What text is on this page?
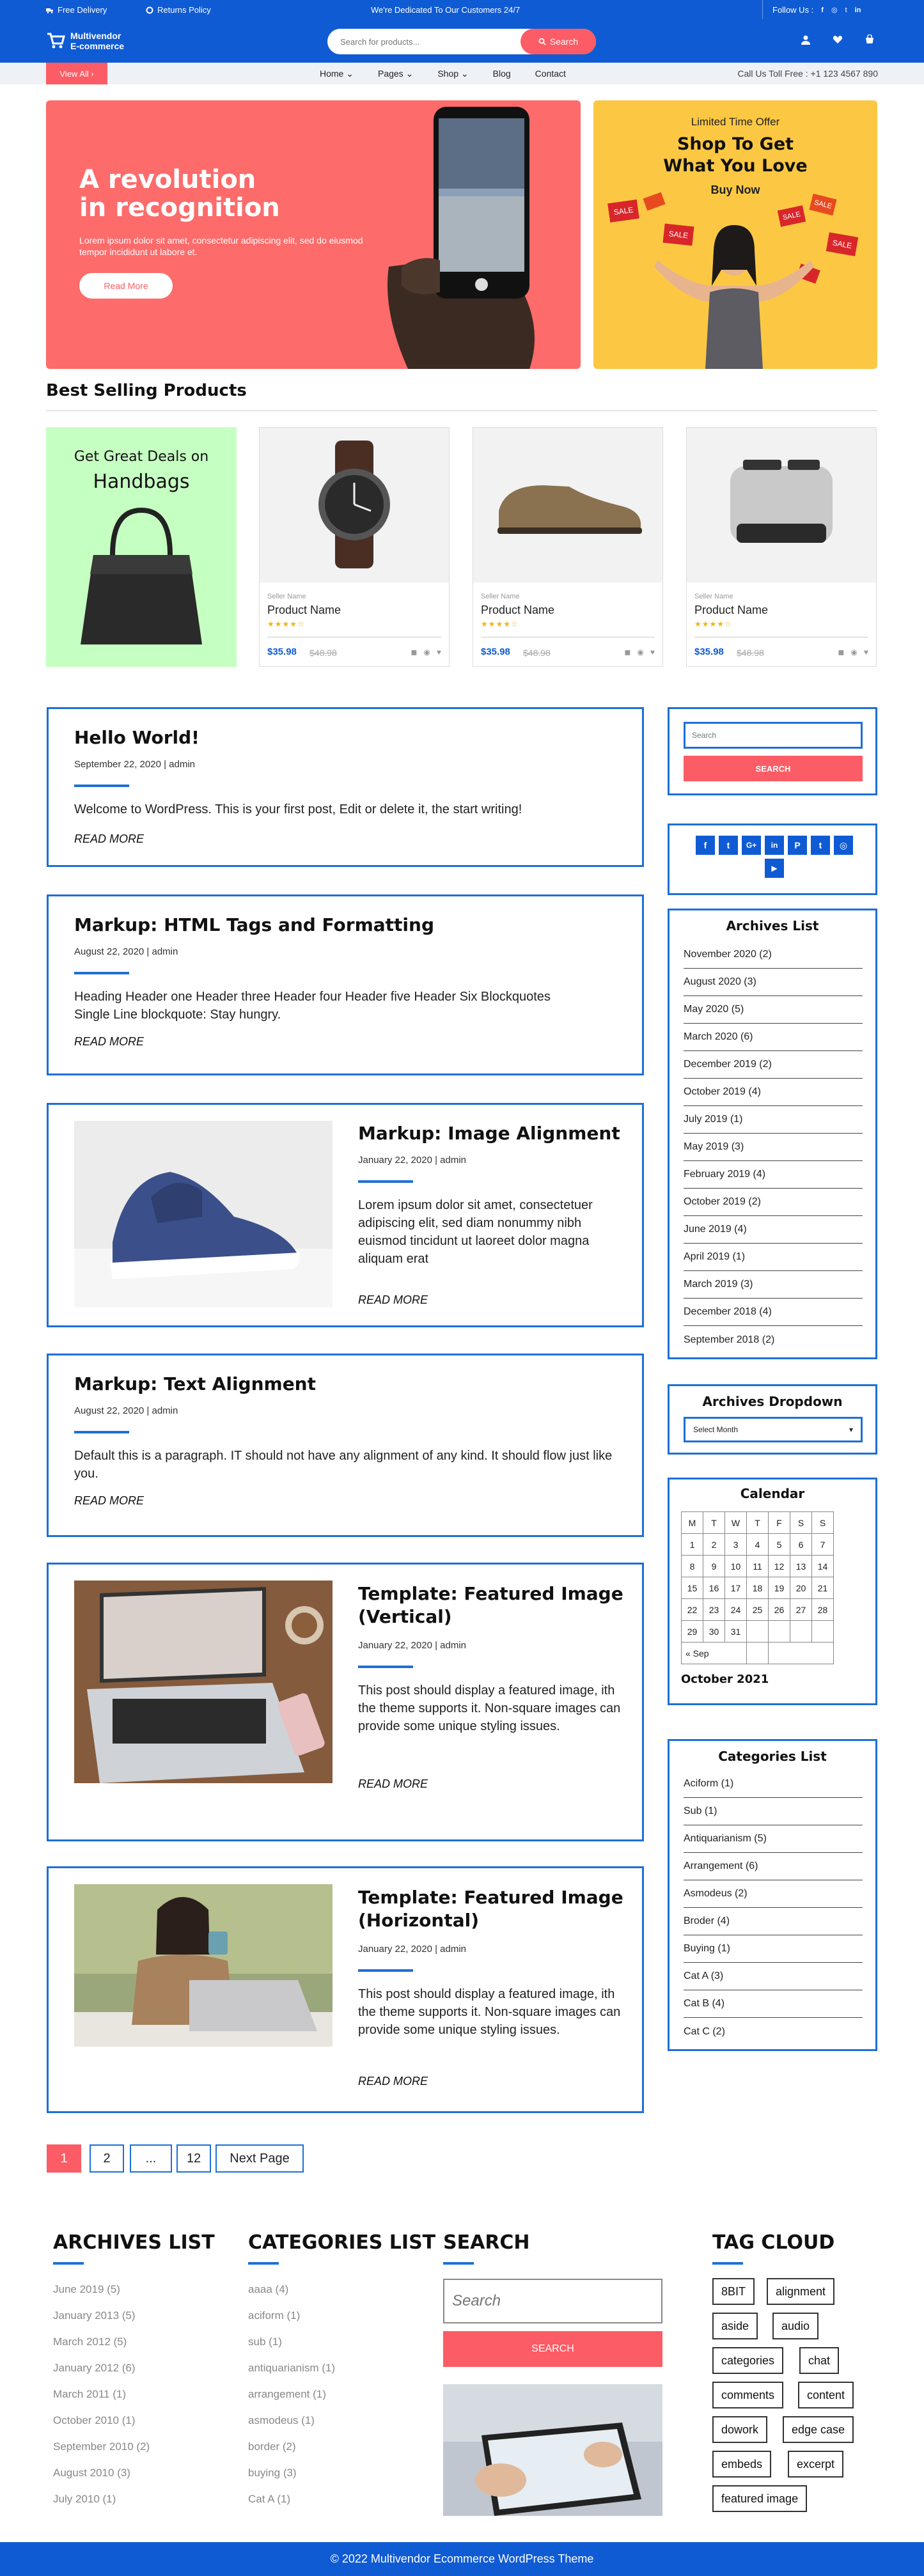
Free Delivery	Returns Policy	We're Dedicated To Our Customers 24/7	Follow Us : f ◎ t in
Multivendor
E-commerce
Search for products...	Search
View All ›	Home ⌄	Pages ⌄	Shop ⌄	Blog	Contact	Call Us Toll Free : +1 123 4567 890
A revolution
in recognition
Lorem ipsum dolor sit amet, consectetur adipiscing elit, sed do eiusmod tempor incididunt ut labore et.
Read More
Limited Time Offer
Shop To Get
What You Love
Buy Now
SALE
SALE
SALE
SALE
SALE
Best Selling Products
Get Great Deals on
Handbags
Seller Name
Product Name
★★★★☆
$35.98 $48.98	◼ ◉ ♥
Seller Name
Product Name
★★★★☆
$35.98 $48.98	◼ ◉ ♥
Seller Name
Product Name
★★★★☆
$35.98 $48.98	◼ ◉ ♥
Hello World!
September 22, 2020 | admin
Welcome to WordPress. This is your first post, Edit or delete it, the start writing!
READ MORE
Markup: HTML Tags and Formatting
August 22, 2020 | admin
Heading Header one Header three Header four Header five Header Six Blockquotes Single Line blockquote: Stay hungry.
READ MORE
Markup: Image Alignment
January 22, 2020 | admin
Lorem ipsum dolor sit amet, consectetuer adipiscing elit, sed diam nonummy nibh euismod tincidunt ut laoreet dolor magna aliquam erat
READ MORE
Markup: Text Alignment
August 22, 2020 | admin
Default this is a paragraph. IT should not have any alignment of any kind. It should flow just like you.
READ MORE
Template: Featured Image (Vertical)
January 22, 2020 | admin
This post should display a featured image, ith the theme supports it. Non-square images can provide some unique styling issues.
READ MORE
Template: Featured Image (Horizontal)
January 22, 2020 | admin
This post should display a featured image, ith the theme supports it. Non-square images can provide some unique styling issues.
READ MORE
Search
SEARCH
f	t	G+	in	P	t	◎
▶
Archives List
November 2020 (2)
August 2020 (3)
May 2020 (5)
March 2020 (6)
December 2019 (2)
October 2019 (4)
July 2019 (1)
May 2019 (3)
February 2019 (4)
October 2019 (2)
June 2019 (4)
April 2019 (1)
March 2019 (3)
December 2018 (4)
September 2018 (2)
Archives Dropdown
Select Month	▾
Calendar
M	T	W	T	F	S	S
1	2	3	4	5	6	7
8	9	10	11	12	13	14
15	16	17	18	19	20	21
22	23	24	25	26	27	28
29	30	31				
« Sep						
October 2021
Categories List
Aciform (1)
Sub (1)
Antiquarianism (5)
Arrangement (6)
Asmodeus (2)
Broder (4)
Buying (1)
Cat A (3)
Cat B (4)
Cat C (2)
1	2	...	12	Next Page
ARCHIVES LIST
June 2019 (5)
January 2013 (5)
March 2012 (5)
January 2012 (6)
March 2011 (1)
October 2010 (1)
September 2010 (2)
August 2010 (3)
July 2010 (1)
CATEGORIES LIST
aaaa (4)
aciform (1)
sub (1)
antiquarianism (1)
arrangement (1)
asmodeus (1)
border (2)
buying (3)
Cat A (1)
SEARCH
Search
SEARCH
TAG CLOUD
8BIT	alignment
aside	audio
categories	chat
comments	content
dowork	edge case
embeds	excerpt
featured image
© 2022 Multivendor Ecommerce WordPress Theme
